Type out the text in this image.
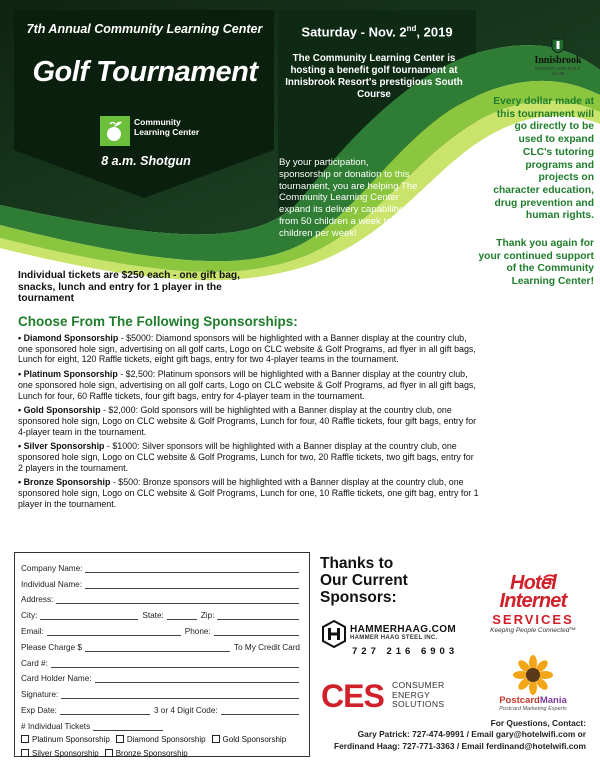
7th Annual Community Learning Center
Golf Tournament
Community Learning Center
8 a.m. Shotgun
Saturday - Nov. 2nd, 2019
The Community Learning Center is hosting a benefit golf tournament at Innisbrook Resort's prestigious South Course
By your participation, sponsorship or donation to this tournament, you are helping The Community Learning Center expand its delivery capability from 50 children a week to 300 children per week!
Innisbrook
RESORT AND GOLF CLUB
Every dollar made at this tournament will go directly to be used to expand CLC's tutoring programs and projects on character education, drug prevention and human rights.
Thank you again for your continued support of the Community Learning Center!
Individual tickets are $250 each - one gift bag, snacks, lunch and entry for 1 player in the tournament
Choose From The Following Sponsorships:
• Diamond Sponsorship - $5000: Diamond sponsors will be highlighted with a Banner display at the country club, one sponsored hole sign, advertising on all golf carts, Logo on CLC website & Golf Programs, ad flyer in all gift bags, Lunch for eight, 120 Raffle tickets, eight gift bags, entry for two 4-player teams in the tournament.
• Platinum Sponsorship - $2,500: Platinum sponsors will be highlighted with a Banner display at the country club, one sponsored hole sign, advertising on all golf carts, Logo on CLC website & Golf Programs, ad flyer in all gift bags, Lunch for four, 60 Raffle tickets, four gift bags, entry for 4-player team in the tournament.
• Gold Sponsorship - $2,000: Gold sponsors will be highlighted with a Banner display at the country club, one sponsored hole sign, Logo on CLC website & Golf Programs, Lunch for four, 40 Raffle tickets, four gift bags, entry for 4-player team in the tournament.
• Silver Sponsorship - $1000: Silver sponsors will be highlighted with a Banner display at the country club, one sponsored hole sign, Logo on CLC website & Golf Programs, Lunch for two, 20 Raffle tickets, two gift bags, entry for 2 players in the tournament.
• Bronze Sponsorship - $500: Bronze sponsors will be highlighted with a Banner display at the country club, one sponsored hole sign, Logo on CLC website & Golf Programs, Lunch for one, 10 Raffle tickets, one gift bag, entry for 1 player in the tournament.
Company Name:
Individual Name:
Address:
City:	State:	Zip:
Email:	Phone:
Please Charge $	To My Credit Card
Card #:
Card Holder Name:
Signature:
Exp Date:	3 or 4 Digit Code:
# Individual Tickets
Platinum Sponsorship Diamond Sponsorship Gold Sponsorship
Silver Sponsorship Bronze Sponsorship
Thanks to
Our Current
Sponsors:
HAMMERHAAG.COM
HAMMER HAAG STEEL INC.
727 216 6903
Hotel
Internet
SERVICES
Keeping People Connected™
CES CONSUMER
ENERGY
SOLUTIONS	PostcardMania
Postcard Marketing Experts
For Questions, Contact:
Gary Patrick: 727-474-9991 / Email gary@hotelwifi.com or
Ferdinand Haag: 727-771-3363 / Email ferdinand@hotelwifi.com
